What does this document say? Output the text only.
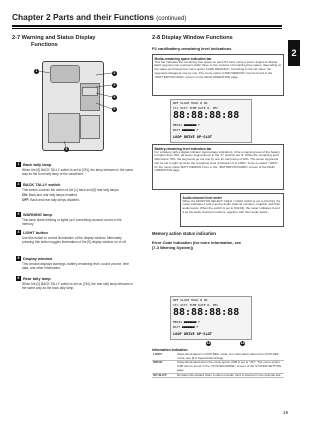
Chapter 2 Parts and their Functions (continued)
2
2-7 Warning and Status Display
Functions
1	2
3
4
5
6
1 Back tally lamp
When the [6] BACK TALLY switch is set to [ON], the lamp behaves in the same way as the front tally lamp of the viewfinder.
2 BACK TALLY switch
This switch controls the action of the [1] back and [6] rear tally lamps.
ON: Back and rear tally lamps enabled.
OFF: Back and rear tally lamps disabled.
3 WARNING lamp
This lamp starts blinking or lights up if something unusual occurs in the memory.
4 LIGHT button
Use this button to control illumination of the display window. Alternately pressing this button toggles illumination of the [5] display window on or off.
5 Display window
This window displays warnings, battery-remaining level, sound volume, time data, and other information.
6 Rear tally lamp
When the [2] BACK TALLY switch is set on [ON], the rear tally lamp behaves in the same way as the back tally lamp.
2-8 Display Window Functions
P2 card/battery-remaining level indications
Media-remaining space indication bar
This bar indicates the remaining free space on each P2 card, using a seven-segment display. Each segment can represent either three or five minutes of remaining free space, depending on the value set through the menu option CARD REMAIN/□. According to the set value, the segments disappear one by one. The menu option CARD REMAIN/□ can be found in the <BATTERY/P2CARD> screen on the MAIN OPERATION page.
NDF SLAVE HOLD W 2N
CTL VITC TIME DATE R- PEC
88:88:88:88
MEDIA ■■■■■■■ F
BATT ■■■■■■■ F
LOOP DRIVE OP-SLOT
Battery-remaining level indication bar
For a battery with a digital indicator (percentage indication), it the remaining level of the battery is higher than 70%, all seven segments up to the "F" position are lit. When the remaining level falls below 70%, the segments go out one by one for each drop of 10%. The seven segments can be set to light up when the remaining level is between 0 to 100%. To do so select "100%" for the menu option BATT REMAIN FULL in the <BATTERY/P2CARD> screen of the MAIN OPERATION page.
Audio channel level meter
When the MONITOR SELECT CH1/2 / CH3/4 switch is set to [CH1/2], the meter indicates 1 and 2 as the audio channel numbers, together with their audio levels. When the switch is set to [CH3/4], the meter indicates 3 and 4 as the audio channel numbers, together with their audio levels.
Memory action status indication
Error Code Indication (for more information, see
[7-3 Warning System])
NDF SLAVE HOLD W 2N
CTL VITC TIME DATE R- PEC
88:88:88:88
MEDIA ■■■■■■■ F
BATT ■■■■■■■ F
LOOP DRIVE OP-SLOT
13	14
Information indication
LOOP:	Stays illuminated in LOOP REC mode. For information about the LOOP REC mode, see [4-6 Special Recording].
DRIVE:	Stays illuminated when the menu option USB is set to "ON". The menu option USB can be found in the <SYSTEM MODE> screen of the SYSTEM SETTING page.
OP-SLOT:	Remains illuminated when a video encoder card is inserted in the optional slot.
19
